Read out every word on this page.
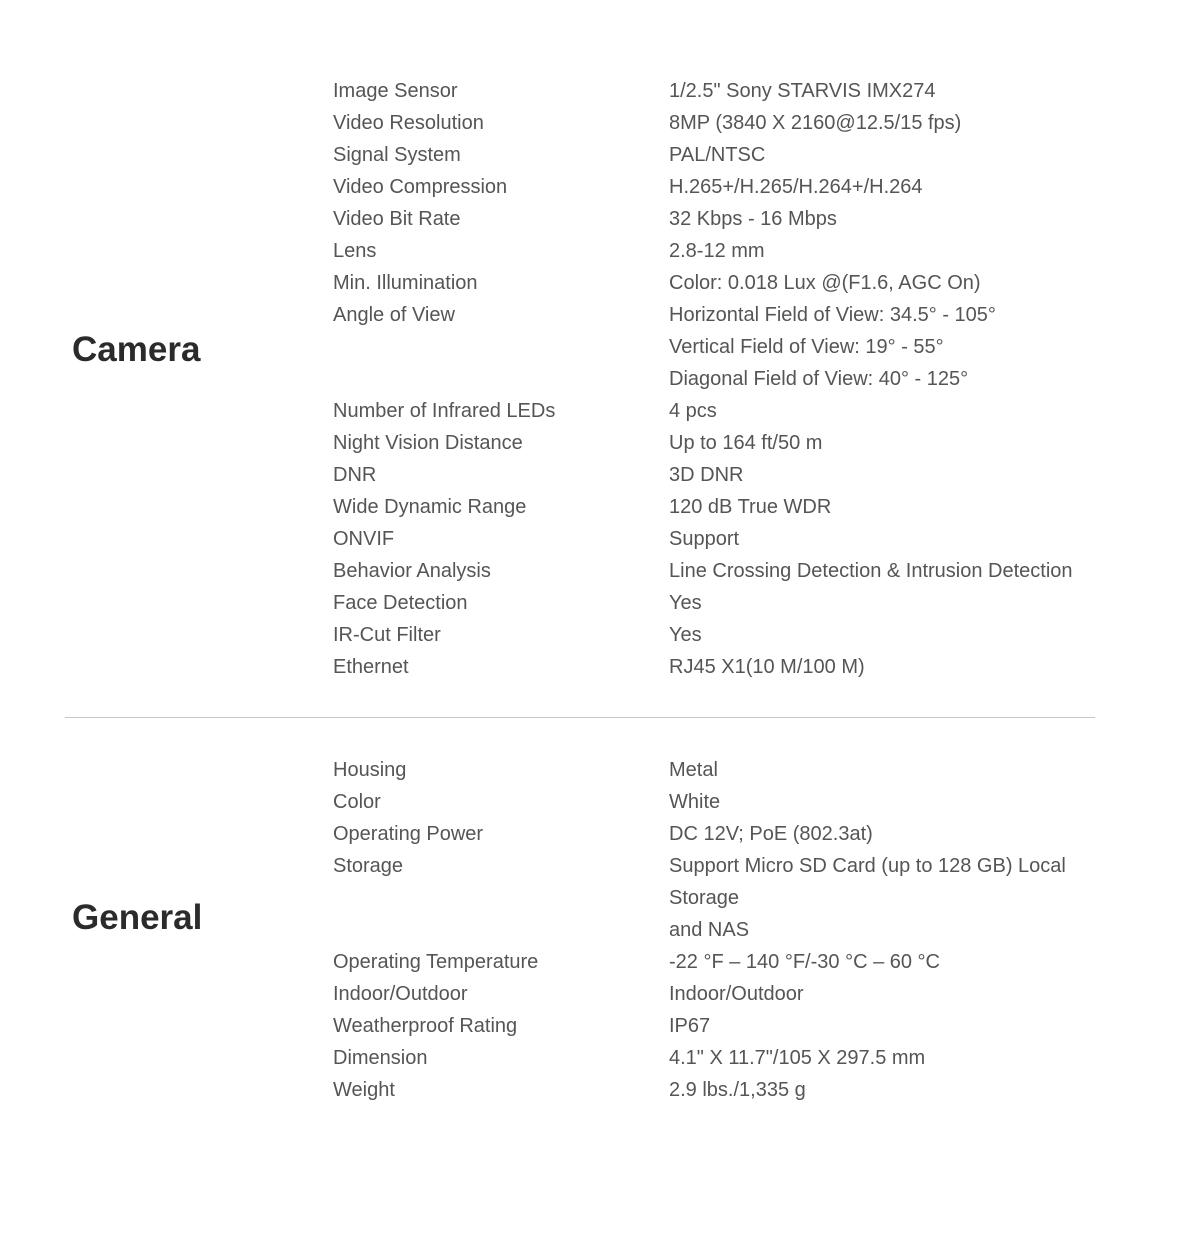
Camera
Image Sensor	1/2.5" Sony STARVIS IMX274
Video Resolution	8MP (3840 X 2160@12.5/15 fps)
Signal System	PAL/NTSC
Video Compression	H.265+/H.265/H.264+/H.264
Video Bit Rate	32 Kbps - 16 Mbps
Lens	2.8-12 mm
Min. Illumination	Color: 0.018 Lux @(F1.6, AGC On)
Angle of View	Horizontal Field of View: 34.5° - 105°
Vertical Field of View: 19° - 55°
Diagonal Field of View: 40° - 125°
Number of Infrared LEDs	4 pcs
Night Vision Distance	Up to 164 ft/50 m
DNR	3D DNR
Wide Dynamic Range	120 dB True WDR
ONVIF	Support
Behavior Analysis	Line Crossing Detection & Intrusion Detection
Face Detection	Yes
IR-Cut Filter	Yes
Ethernet	RJ45 X1(10 M/100 M)
General
Housing	Metal
Color	White
Operating Power	DC 12V; PoE (802.3at)
Storage	Support Micro SD Card (up to 128 GB) Local Storage
and NAS
Operating Temperature	-22 °F – 140 °F/-30 °C – 60 °C
Indoor/Outdoor	Indoor/Outdoor
Weatherproof Rating	IP67
Dimension	4.1" X 11.7"/105 X 297.5 mm
Weight	2.9 lbs./1,335 g
